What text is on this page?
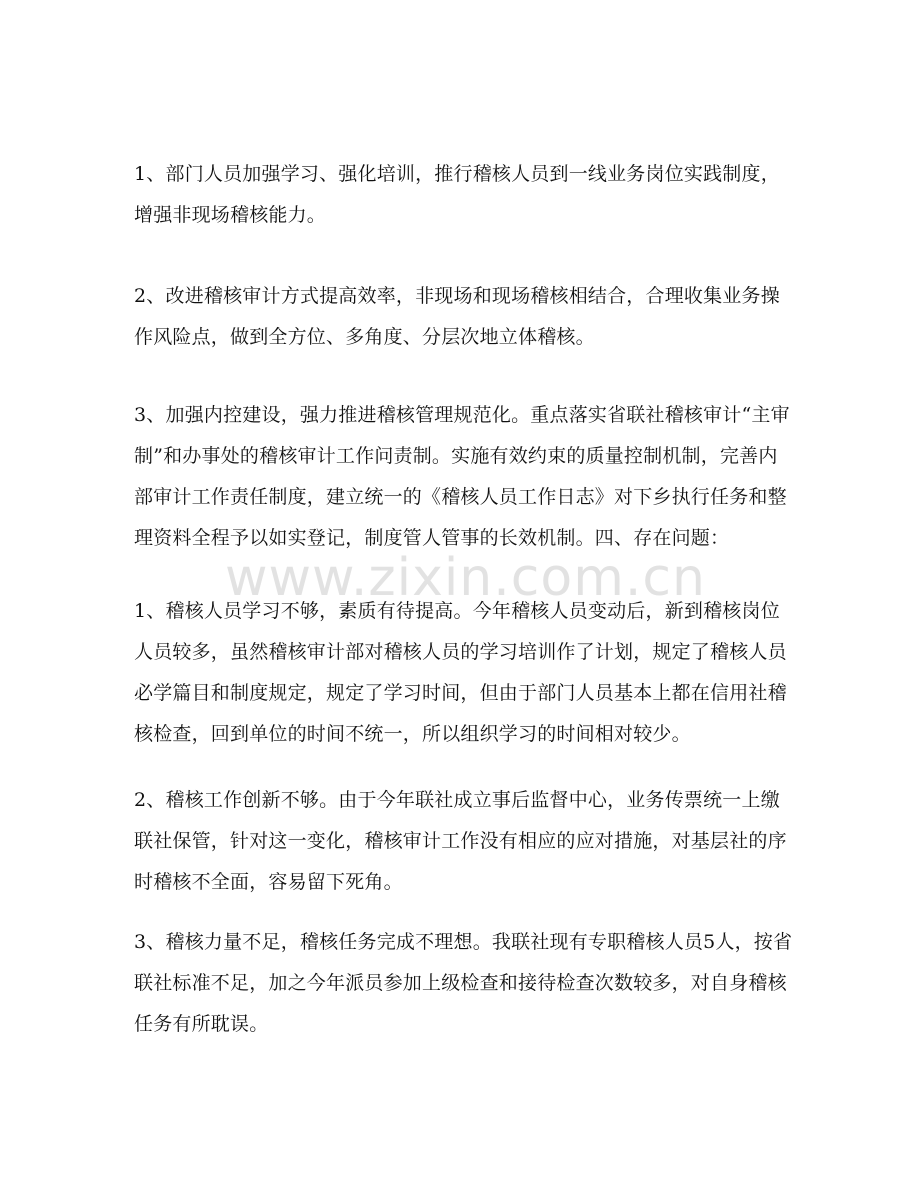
1、部门人员加强学习、强化培训，推行稽核人员到一线业务岗位实践制度，增强非现场稽核能力。

2、改进稽核审计方式提高效率，非现场和现场稽核相结合，合理收集业务操作风险点，做到全方位、多角度、分层次地立体稽核。

3、加强内控建设，强力推进稽核管理规范化。重点落实省联社稽核审计“主审制”和办事处的稽核审计工作问责制。实施有效约束的质量控制机制，完善内部审计工作责任制度，建立统一的《稽核人员工作日志》对下乡执行任务和整理资料全程予以如实登记，制度管人管事的长效机制。四、存在问题：

1、稽核人员学习不够，素质有待提高。今年稽核人员变动后，新到稽核岗位人员较多，虽然稽核审计部对稽核人员的学习培训作了计划，规定了稽核人员必学篇目和制度规定，规定了学习时间，但由于部门人员基本上都在信用社稽核检查，回到单位的时间不统一，所以组织学习的时间相对较少。

2、稽核工作创新不够。由于今年联社成立事后监督中心，业务传票统一上缴联社保管，针对这一变化，稽核审计工作没有相应的应对措施，对基层社的序时稽核不全面，容易留下死角。

3、稽核力量不足，稽核任务完成不理想。我联社现有专职稽核人员5人，按省联社标准不足，加之今年派员参加上级检查和接待检查次数较多，对自身稽核任务有所耽误。

www.zixin.com.cn
